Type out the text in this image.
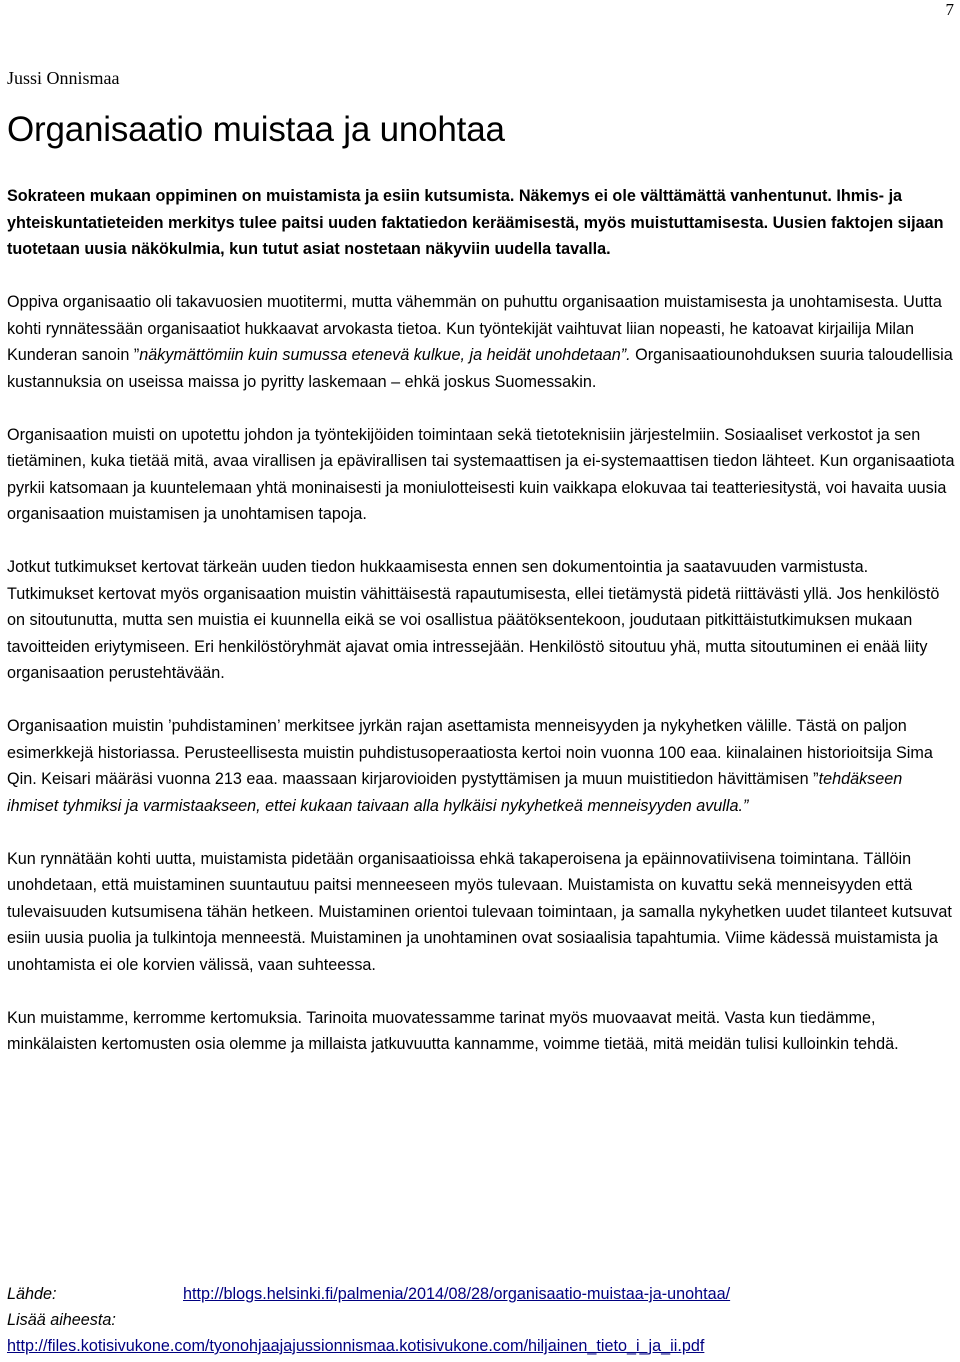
7
Jussi Onnismaa
Organisaatio muistaa ja unohtaa

Sokrateen mukaan oppiminen on muistamista ja esiin kutsumista. Näkemys ei ole välttämättä vanhentunut. Ihmis- ja yhteiskuntatieteiden merkitys tulee paitsi uuden faktatiedon keräämisestä, myös muistuttamisesta. Uusien faktojen sijaan tuotetaan uusia näkökulmia, kun tutut asiat nostetaan näkyviin uudella tavalla.

Oppiva organisaatio oli takavuosien muotitermi, mutta vähemmän on puhuttu organisaation muistamisesta ja unohtamisesta. Uutta kohti rynnätessään organisaatiot hukkaavat arvokasta tietoa. Kun työntekijät vaihtuvat liian nopeasti, he katoavat kirjailija Milan Kunderan sanoin ”näkymättömiin kuin sumussa etenevä kulkue, ja heidät unohdetaan”. Organisaatiounohduksen suuria taloudellisia kustannuksia on useissa maissa jo pyritty laskemaan – ehkä joskus Suomessakin.

Organisaation muisti on upotettu johdon ja työntekijöiden toimintaan sekä tietoteknisiin järjestelmiin. Sosiaaliset verkostot ja sen tietäminen, kuka tietää mitä, avaa virallisen ja epävirallisen tai systemaattisen ja ei-systemaattisen tiedon lähteet. Kun organisaatiota pyrkii katsomaan ja kuuntelemaan yhtä moninaisesti ja moniulotteisesti kuin vaikkapa elokuvaa tai teatteriesitystä, voi havaita uusia organisaation muistamisen ja unohtamisen tapoja.

Jotkut tutkimukset kertovat tärkeän uuden tiedon hukkaamisesta ennen sen dokumentointia ja saatavuuden varmistusta. Tutkimukset kertovat myös organisaation muistin vähittäisestä rapautumisesta, ellei tietämystä pidetä riittävästi yllä. Jos henkilöstö on sitoutunutta, mutta sen muistia ei kuunnella eikä se voi osallistua päätöksentekoon, joudutaan pitkittäistutkimuksen mukaan tavoitteiden eriytymiseen. Eri henkilöstöryhmät ajavat omia intressejään. Henkilöstö sitoutuu yhä, mutta sitoutuminen ei enää liity organisaation perustehtävään.

Organisaation muistin ’puhdistaminen’ merkitsee jyrkän rajan asettamista menneisyyden ja nykyhetken välille. Tästä on paljon esimerkkejä historiassa. Perusteellisesta muistin puhdistusoperaatiosta kertoi noin vuonna 100 eaa. kiinalainen historioitsija Sima Qin. Keisari määräsi vuonna 213 eaa. maassaan kirjarovioiden pystyttämisen ja muun muistitiedon hävittämisen ”tehdäkseen ihmiset tyhmiksi ja varmistaakseen, ettei kukaan taivaan alla hylkäisi nykyhetkeä menneisyyden avulla.”

Kun rynnätään kohti uutta, muistamista pidetään organisaatioissa ehkä takaperoisena ja epäinnovatiivisena toimintana. Tällöin unohdetaan, että muistaminen suuntautuu paitsi menneeseen myös tulevaan. Muistamista on kuvattu sekä menneisyyden että tulevaisuuden kutsumisena tähän hetkeen. Muistaminen orientoi tulevaan toimintaan, ja samalla nykyhetken uudet tilanteet kutsuvat esiin uusia puolia ja tulkintoja menneestä. Muistaminen ja unohtaminen ovat sosiaalisia tapahtumia. Viime kädessä muistamista ja unohtamista ei ole korvien välissä, vaan suhteessa.

Kun muistamme, kerromme kertomuksia. Tarinoita muovatessamme tarinat myös muovaavat meitä. Vasta kun tiedämme, minkälaisten kertomusten osia olemme ja millaista jatkuvuutta kannamme, voimme tietää, mitä meidän tulisi kulloinkin tehdä.

Lähde:	http://blogs.helsinki.fi/palmenia/2014/08/28/organisaatio-muistaa-ja-unohtaa/
Lisää aiheesta:
http://files.kotisivukone.com/tyonohjaajajussionnismaa.kotisivukone.com/hiljainen_tieto_i_ja_ii.pdf
